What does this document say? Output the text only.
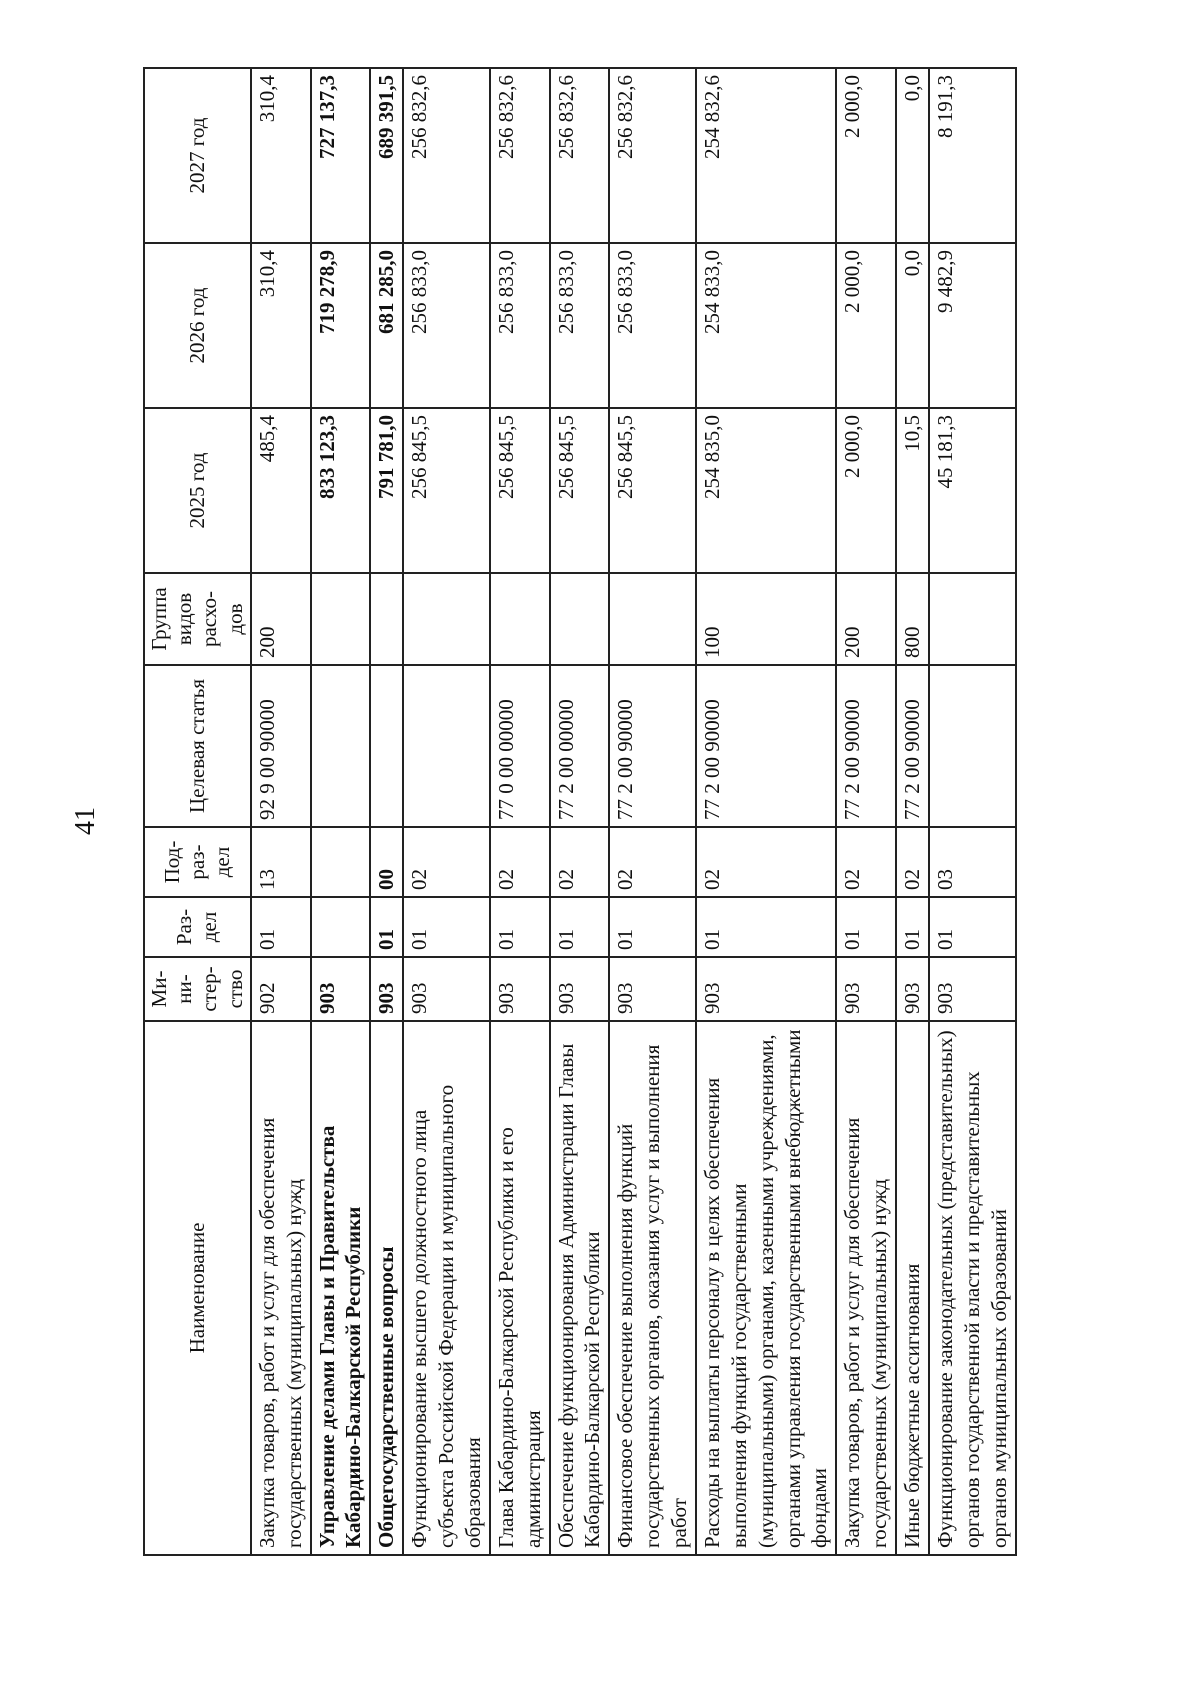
41
Наименование	Ми-ни-стер-ство	Раз-дел	Под-раз-дел	Целевая статья	Группа видов расхо-дов	2025 год	2026 год	2027 год
Закупка товаров, работ и услуг для обеспечения государственных (муниципальных) нужд	902	01	13	92 9 00 90000	200	485,4	310,4	310,4
Управление делами Главы и Правительства Кабардино-Балкарской Республики	903					833 123,3	719 278,9	727 137,3
Общегосударственные вопросы	903	01	00			791 781,0	681 285,0	689 391,5
Функционирование высшего должностного лица субъекта Российской Федерации и муниципального образования	903	01	02			256 845,5	256 833,0	256 832,6
Глава Кабардино-Балкарской Республики и его администрация	903	01	02	77 0 00 00000		256 845,5	256 833,0	256 832,6
Обеспечение функционирования Администрации Главы Кабардино-Балкарской Республики	903	01	02	77 2 00 00000		256 845,5	256 833,0	256 832,6
Финансовое обеспечение выполнения функций государственных органов, оказания услуг и выполнения работ	903	01	02	77 2 00 90000		256 845,5	256 833,0	256 832,6
Расходы на выплаты персоналу в целях обеспечения выполнения функций государственными (муниципальными) органами, казенными учреждениями, органами управления государственными внебюджетными фондами	903	01	02	77 2 00 90000	100	254 835,0	254 833,0	254 832,6
Закупка товаров, работ и услуг для обеспечения государственных (муниципальных) нужд	903	01	02	77 2 00 90000	200	2 000,0	2 000,0	2 000,0
Иные бюджетные ассигнования	903	01	02	77 2 00 90000	800	10,5	0,0	0,0
Функционирование законодательных (представительных) органов государственной власти и представительных органов муниципальных образований	903	01	03			45 181,3	9 482,9	8 191,3
